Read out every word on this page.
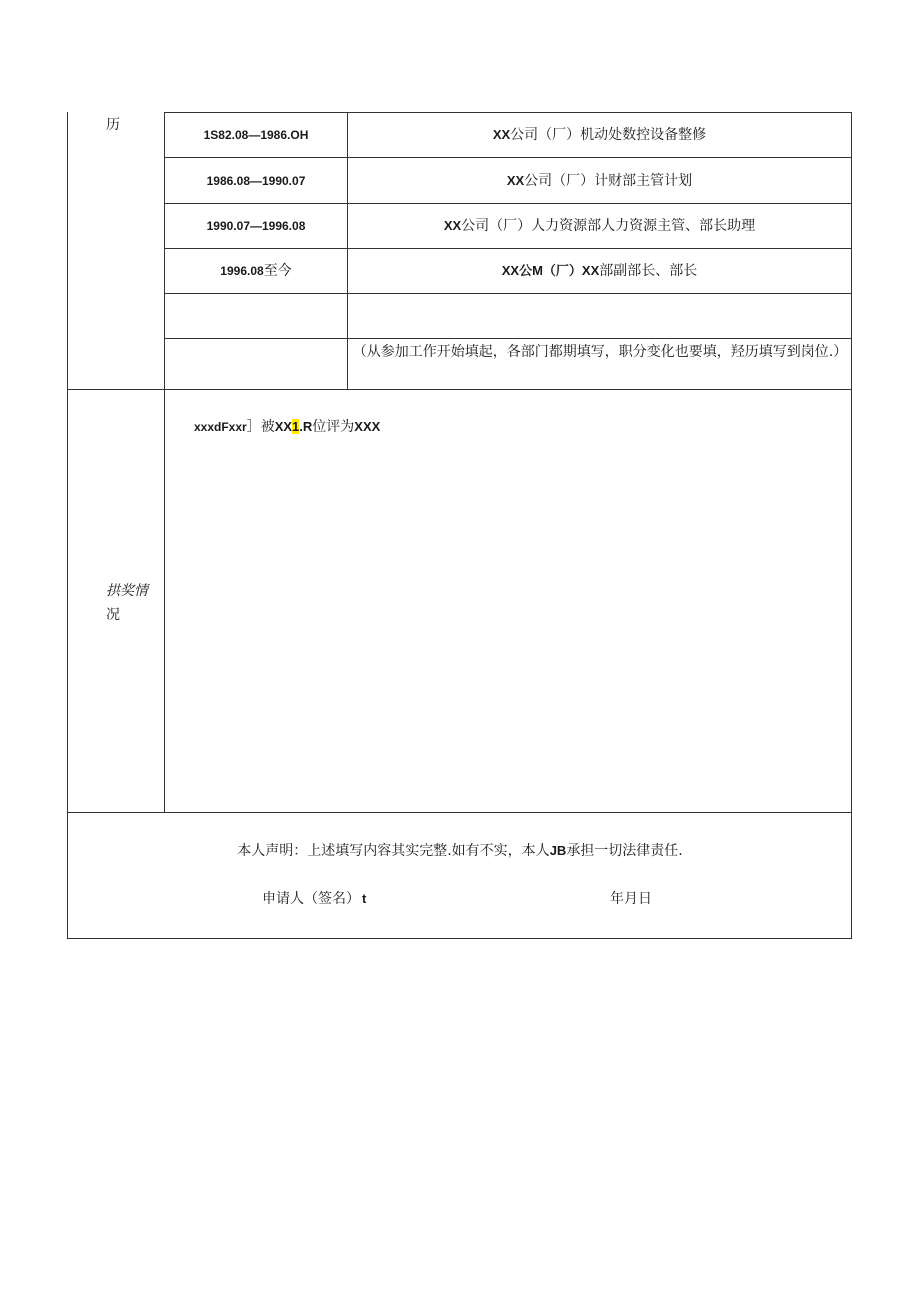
历
1S82.08—1986.OH	XX 公司（厂）机动处数控设备整修
1986.08—1990.07	XX 公司（厂）计财部主管计划
1990.07—1996.08	XX 公司（厂）人力资源部人力资源主管、部长助理
1996.08 至今	XX公M（厂）XX 部副部长、部长
（从参加工作开始填起，各部门都期填写，职分变化也要填，羟历填写到岗位.）
拱奖情
况
xxxdFxxr］被XX1.R位评为XXX
本人声明：上述填写内容其实完整.如有不实，本人JB承担一切法律责任.
申请人（签名） t	年月日
